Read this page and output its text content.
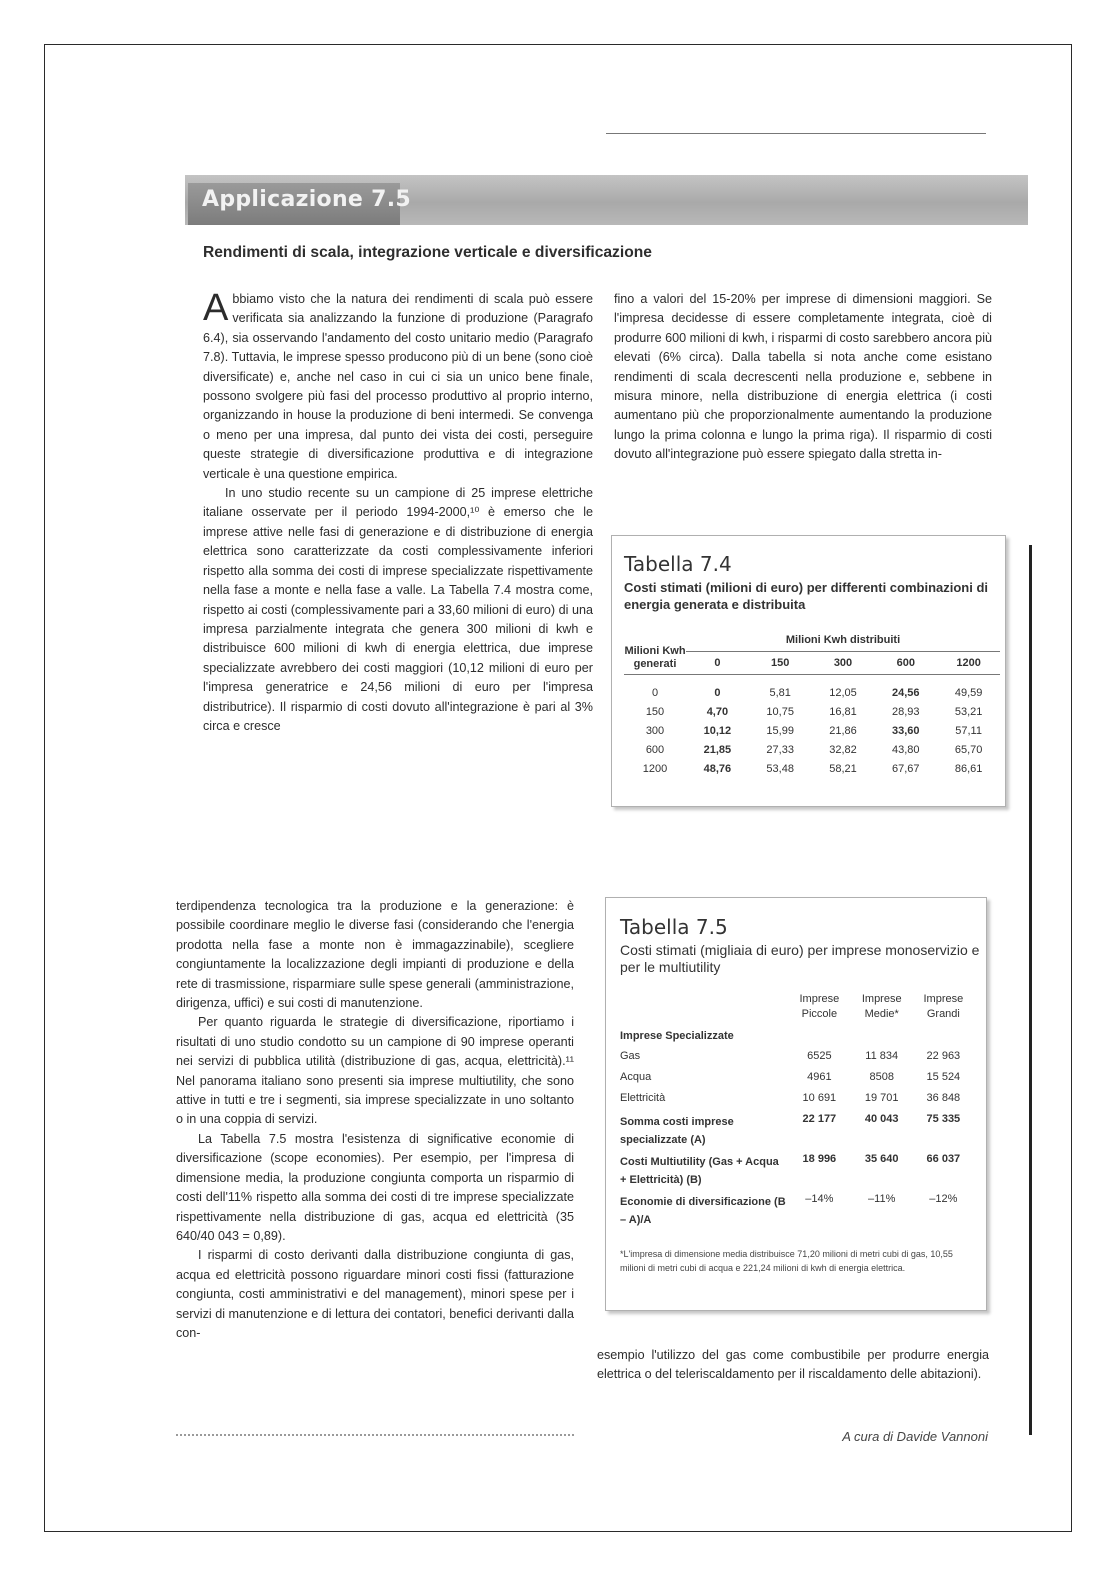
Applicazione 7.5
Rendimenti di scala, integrazione verticale e diversificazione

Abbiamo visto che la natura dei rendimenti di scala può essere verificata sia analizzando la funzione di produzione (Paragrafo 6.4), sia osservando l'andamento del costo unitario medio (Paragrafo 7.8). Tuttavia, le imprese spesso producono più di un bene (sono cioè diversificate) e, anche nel caso in cui ci sia un unico bene finale, possono svolgere più fasi del processo produttivo al proprio interno, organizzando in house la produzione di beni intermedi. Se convenga o meno per una impresa, dal punto dei vista dei costi, perseguire queste strategie di diversificazione produttiva e di integrazione verticale è una questione empirica.

In uno studio recente su un campione di 25 imprese elettriche italiane osservate per il periodo 1994-2000,¹⁰ è emerso che le imprese attive nelle fasi di generazione e di distribuzione di energia elettrica sono caratterizzate da costi complessivamente inferiori rispetto alla somma dei costi di imprese specializzate rispettivamente nella fase a monte e nella fase a valle. La Tabella 7.4 mostra come, rispetto ai costi (complessivamente pari a 33,60 milioni di euro) di una impresa parzialmente integrata che genera 300 milioni di kwh e distribuisce 600 milioni di kwh di energia elettrica, due imprese specializzate avrebbero dei costi maggiori (10,12 milioni di euro per l'impresa generatrice e 24,56 milioni di euro per l'impresa distributrice). Il risparmio di costi dovuto all'integrazione è pari al 3% circa e cresce

fino a valori del 15-20% per imprese di dimensioni maggiori. Se l'impresa decidesse di essere completamente integrata, cioè di produrre 600 milioni di kwh, i risparmi di costo sarebbero ancora più elevati (6% circa). Dalla tabella si nota anche come esistano rendimenti di scala decrescenti nella produzione e, sebbene in misura minore, nella distribuzione di energia elettrica (i costi aumentano più che proporzionalmente aumentando la produzione lungo la prima colonna e lungo la prima riga). Il risparmio di costi dovuto all'integrazione può essere spiegato dalla stretta in-

Tabella 7.4
Costi stimati (milioni di euro) per differenti combinazioni di energia generata e distribuita
Milioni Kwh generati	Milioni Kwh distribuiti				
	0	150	300	600	1200

0	0	5,81	12,05	24,56	49,59
150	4,70	10,75	16,81	28,93	53,21
300	10,12	15,99	21,86	33,60	57,11
600	21,85	27,33	32,82	43,80	65,70
1200	48,76	53,48	58,21	67,67	86,61

terdipendenza tecnologica tra la produzione e la generazione: è possibile coordinare meglio le diverse fasi (considerando che l'energia prodotta nella fase a monte non è immagazzinabile), scegliere congiuntamente la localizzazione degli impianti di produzione e della rete di trasmissione, risparmiare sulle spese generali (amministrazione, dirigenza, uffici) e sui costi di manutenzione.

Per quanto riguarda le strategie di diversificazione, riportiamo i risultati di uno studio condotto su un campione di 90 imprese operanti nei servizi di pubblica utilità (distribuzione di gas, acqua, elettricità).¹¹ Nel panorama italiano sono presenti sia imprese multiutility, che sono attive in tutti e tre i segmenti, sia imprese specializzate in uno soltanto o in una coppia di servizi.

La Tabella 7.5 mostra l'esistenza di significative economie di diversificazione (scope economies). Per esempio, per l'impresa di dimensione media, la produzione congiunta comporta un risparmio di costi dell'11% rispetto alla somma dei costi di tre imprese specializzate rispettivamente nella distribuzione di gas, acqua ed elettricità (35 640/40 043 = 0,89).

I risparmi di costo derivanti dalla distribuzione congiunta di gas, acqua ed elettricità possono riguardare minori costi fissi (fatturazione congiunta, costi amministrativi e del management), minori spese per i servizi di manutenzione e di lettura dei contatori, benefici derivanti dalla con-

Tabella 7.5
Costi stimati (migliaia di euro) per imprese monoservizio e per le multiutility
	Imprese Piccole	Imprese Medie*	Imprese Grandi
Imprese Specializzate			
Gas	6525	11 834	22 963
Acqua	4961	8508	15 524
Elettricità	10 691	19 701	36 848
Somma costi imprese specializzate (A)	22 177	40 043	75 335
Costi Multiutility (Gas + Acqua + Elettricità) (B)	18 996	35 640	66 037
Economie di diversificazione (B – A)/A	–14%	–11%	–12%
*L'impresa di dimensione media distribuisce 71,20 milioni di metri cubi di gas, 10,55 milioni di metri cubi di acqua e 221,24 milioni di kwh di energia elettrica.

esempio l'utilizzo del gas come combustibile per produrre energia elettrica o del teleriscaldamento per il riscaldamento delle abitazioni).

A cura di Davide Vannoni
